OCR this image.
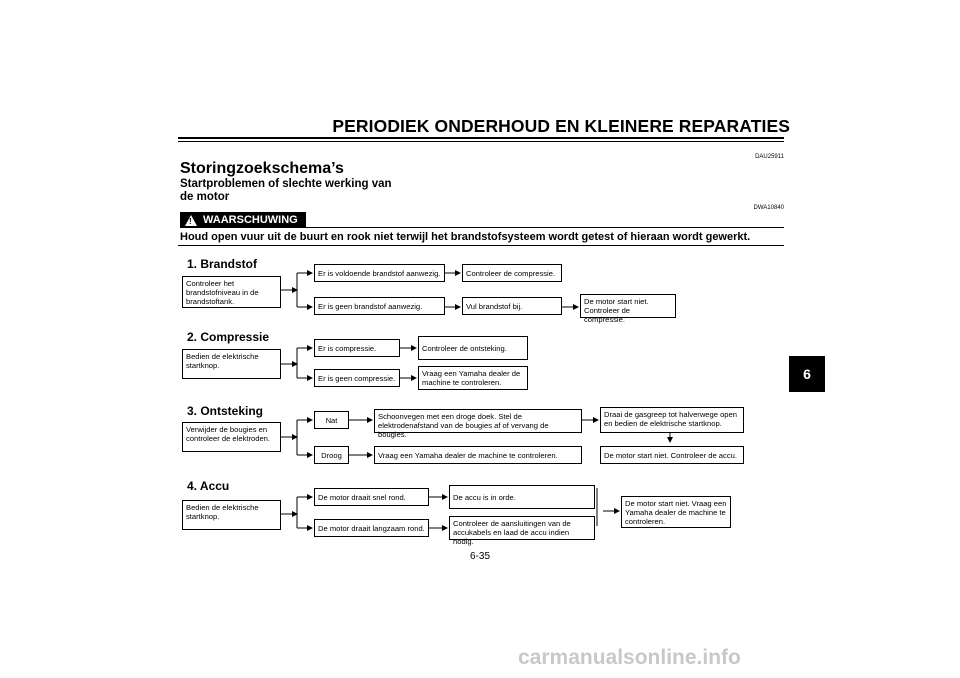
PERIODIEK ONDERHOUD EN KLEINERE REPARATIES
DAU25911
Storingzoekschema’s
Startproblemen of slechte werking van de motor
DWA10840
! WAARSCHUWING
Houd open vuur uit de buurt en rook niet terwijl het brandstofsysteem wordt getest of hieraan wordt gewerkt.
1. Brandstof
Controleer het brandstofniveau in de brandstoftank.
Er is voldoende brandstof aanwezig.	Controleer de compressie.
Er is geen brandstof aanwezig.	Vul brandstof bij.	De motor start niet. Controleer de compressie.
2. Compressie
Bedien de elektrische startknop.
Er is compressie.	Controleer de ontsteking.
Er is geen compressie.	Vraag een Yamaha dealer de machine te controleren.
3. Ontsteking
Verwijder de bougies en controleer de elektroden.
Nat	Schoonvegen met een droge doek. Stel de elektrodenafstand van de bougies af of vervang de bougies.
Draai de gasgreep tot halverwege open en bedien de elektrische startknop.
Droog	Vraag een Yamaha dealer de machine te controleren.	De motor start niet. Controleer de accu.
4. Accu
Bedien de elektrische startknop.
De motor draait snel rond.	De accu is in orde.
De motor draait langzaam rond.	Controleer de aansluitingen van de accukabels en laad de accu indien nodig.
De motor start niet. Vraag een Yamaha dealer de machine te controleren.
6
6-35
carmanualsonline.info
